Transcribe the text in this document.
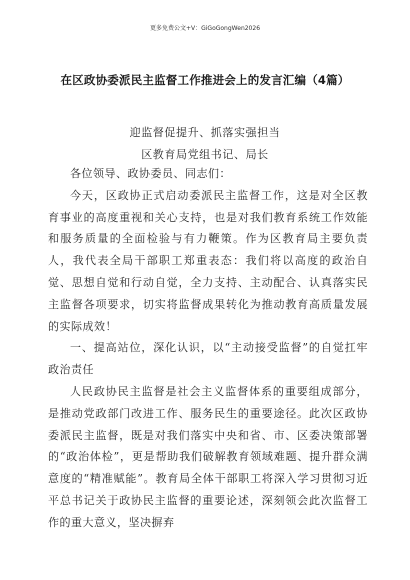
更多免费公文+V：GiGoGongWen2026
在区政协委派民主监督工作推进会上的发言汇编（4篇）
迎监督促提升、抓落实强担当
区教育局党组书记、局长

各位领导、政协委员、同志们：

今天，区政协正式启动委派民主监督工作，这是对全区教育事业的高度重视和关心支持，也是对我们教育系统工作效能和服务质量的全面检验与有力鞭策。作为区教育局主要负责人，我代表全局干部职工郑重表态：我们将以高度的政治自觉、思想自觉和行动自觉，全力支持、主动配合、认真落实民主监督各项要求，切实将监督成果转化为推动教育高质量发展的实际成效！

一、提高站位，深化认识，以“主动接受监督”的自觉扛牢政治责任

人民政协民主监督是社会主义监督体系的重要组成部分，是推动党政部门改进工作、服务民生的重要途径。此次区政协委派民主监督，既是对我们落实中央和省、市、区委决策部署的“政治体检”，更是帮助我们破解教育领域难题、提升群众满意度的“精准赋能”。教育局全体干部职工将深入学习贯彻习近平总书记关于政协民主监督的重要论述，深刻领会此次监督工作的重大意义，坚决摒弃
